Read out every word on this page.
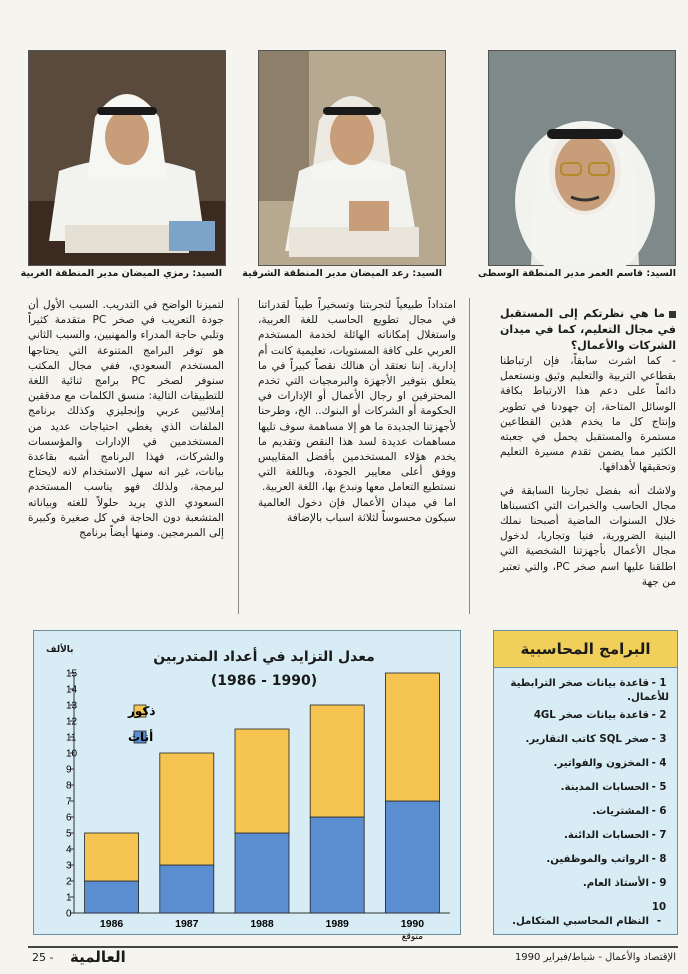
السيد: قاسم العمر مدير المنطقة الوسطى
السيد: رعد الميضان مدير المنطقة الشرقية
السيد: رمزي الميضان مدير المنطقة الغربية

ما هي نظرتكم إلى المستقبل في مجال التعليم، كما في ميدان الشركات والأعمال؟

- كما اشرت سابقاً، فإن ارتباطنا بقطاعي التربية والتعليم وثيق ونستعمل دائماً على دعم هذا الارتباط بكافة الوسائل المتاحة، إن جهودنا في تطوير وإنتاج كل ما يخدم هذين القطاعين مستمرة والمستقبل يحمل في جعبته الكثير مما يضمن تقدم مسيرة التعليم وتحقيقها لأهدافها.

ولاشك أنه بفضل تجاربنا السابقة في مجال الحاسب والخبرات التي اكتسبناها خلال السنوات الماضية أصبحنا نملك البنية الضرورية، فنيا وتجاريا، لدخول مجال الأعمال بأجهزتنا الشخصية التي اطلقنا عليها اسم صخر PC، والتي تعتبر من جهة

امتداداً طبيعياً لتجربتنا وتسخيراً طيباً لقدراتنا في مجال تطويع الحاسب للغة العربية، واستغلال إمكاناته الهائلة لخدمة المستخدم العربي على كافة المستويات، تعليمية كانت أم إدارية. إننا نعتقد أن هنالك نقصاً كبيراً في ما يتعلق بتوفير الأجهزة والبرمجيات التي تخدم المحترفين او رجال الأعمال أو الإدارات في الحكومة أو الشركات أو البنوك.. الخ، وطرحنا لأجهزتنا الجديدة ما هو إلا مساهمة سوف تليها مساهمات عديدة لسد هذا النقص وتقديم ما يخدم هؤلاء المستخدمين بأفضل المقاييس ووفق أعلى معايير الجودة، وباللغة التي نستطيع التعامل معها ونبدع بها، اللغة العربية.

اما في ميدان الأعمال فإن دخول العالمية سيكون محسوساً لثلاثة اسباب بالإضافة

لتميزنا الواضح في التدريب. السبب الأول أن جودة التعريب في صخر PC متقدمة كثيراً وتلبي حاجة المدراء والمهنيين، والسبب الثاني هو توفر البرامج المتنوعة التي يحتاجها المستخدم السعودي، ففي مجال المكتب سنوفر لصخر PC برامج ثنائية اللغة للتطبيقات التالية: منسق الكلمات مع مدققين إملائيين عربي وإنجليزي وكذلك برنامج الملفات الذي يغطي احتياجات عديد من المستخدمين في الإدارات والمؤسسات والشركات، فهذا البرنامج أشبه بقاعدة بيانات، غير انه سهل الاستخدام لانه لايحتاج لبرمجة، ولذلك فهو يناسب المستخدم السعودي الذي يريد حلولاً للغته وبياناته المتشعبة دون الحاجة في كل صغيرة وكبيرة إلى المبرمجين. ومنها أيضاً برنامج

معدل التزايد في أعداد المتدربين
(1986 - 1990)
بالألف
0
1
2
3
4
5
6
7
8
9
10
11
12
13
14
15
1986	1987	1988	1989	1990
متوقع
ذكور
أناث
البرامج المحاسبية
1 -قاعدة بيانات صخر الترابطية للأعمال.
2 -قاعدة بيانات صخر 4GL
3 -صخر SQL كاتب التقارير.
4 -المخزون والفواتير.
5 -الحسابات المدينة.
6 -المشتريات.
7 -الحسابات الدائنة.
8 -الرواتب والموظفين.
9 -الأستاذ العام.
10 -النظام المحاسبي المتكامل.
الإقتصاد والأعمال - شباط/فبراير 1990
العالمية
25 -
